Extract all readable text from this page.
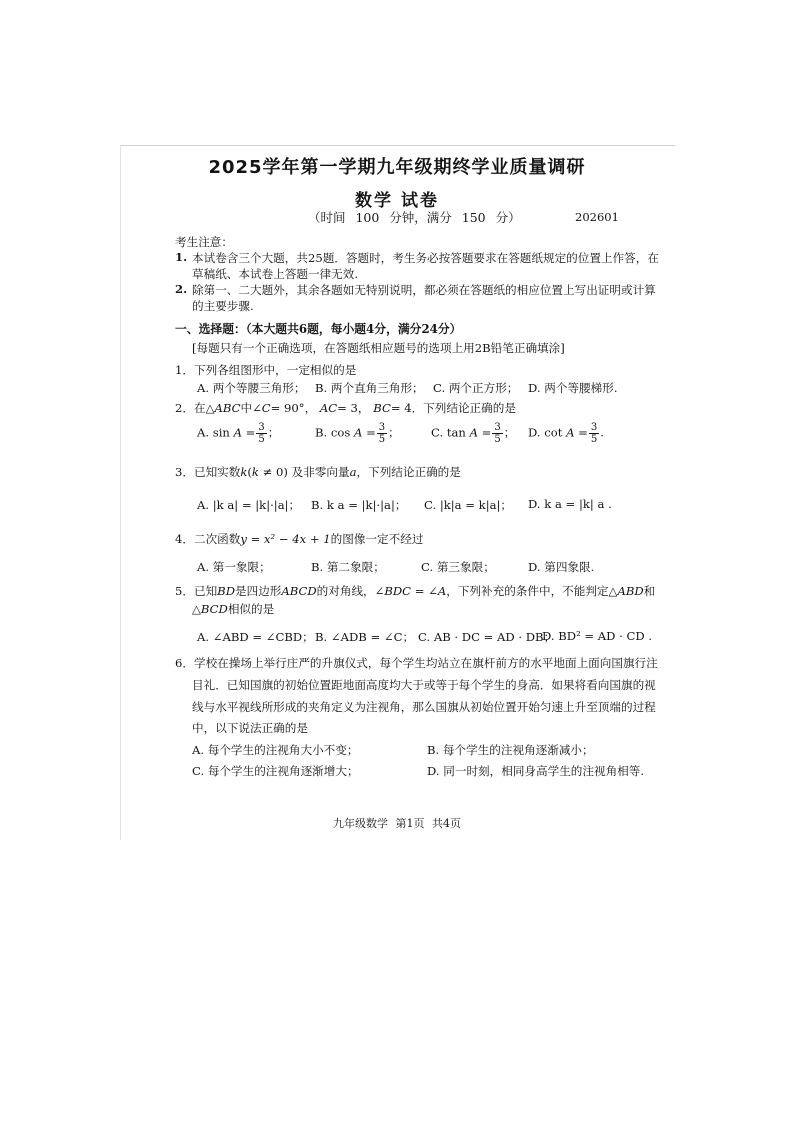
2025学年第一学期九年级期终学业质量调研
数学 试卷
（时间 100 分钟，满分 150 分）	202601
考生注意：
1. 本试卷含三个大题，共25题．答题时，考生务必按答题要求在答题纸规定的位置上作答，在
草稿纸、本试卷上答题一律无效.
2. 除第一、二大题外，其余各题如无特别说明，都必须在答题纸的相应位置上写出证明或计算
的主要步骤.
一、选择题：（本大题共6题，每小题4分，满分24分）
[每题只有一个正确选项，在答题纸相应题号的选项上用2B铅笔正确填涂]
1．下列各组图形中，一定相似的是
A. 两个等腰三角形； B. 两个直角三角形； C. 两个正方形； D. 两个等腰梯形.
2．在△ABC中∠C= 90°， AC= 3， BC= 4．下列结论正确的是
A. $\sin A = \frac{3}{5}$ ；	B. $\cos A = \frac{3}{5}$ ；	C. $\tan A = \frac{3}{5}$ ； D. $\cot A = \frac{3}{5}$ .
3．已知实数k(k ≠ 0) 及非零向量a，下列结论正确的是
A. |k a| = |k|·|a|； B. k a = |k|·|a|； C. |k|a = k|a|； D. k a = |k| a .
4．二次函数y = x² − 4x + 1的图像一定不经过
A. 第一象限；	B. 第二象限；	C. 第三象限；	D. 第四象限.
5．已知BD是四边形ABCD的对角线，∠BDC = ∠A，下列补充的条件中，不能判定△ABD和
△BCD相似的是
A. ∠ABD = ∠CBD； B. ∠ADB = ∠C； C. AB · DC = AD · DB；
D. BD² = AD · CD .
6．学校在操场上举行庄严的升旗仪式，每个学生均站立在旗杆前方的水平地面上面向国旗行注
目礼．已知国旗的初始位置距地面高度均大于或等于每个学生的身高．如果将看向国旗的视
线与水平视线所形成的夹角定义为注视角，那么国旗从初始位置开始匀速上升至顶端的过程
中，以下说法正确的是
A. 每个学生的注视角大小不变；	B. 每个学生的注视角逐渐减小；
C. 每个学生的注视角逐渐增大；	D. 同一时刻，相同身高学生的注视角相等.
九年级数学 第1页 共4页
